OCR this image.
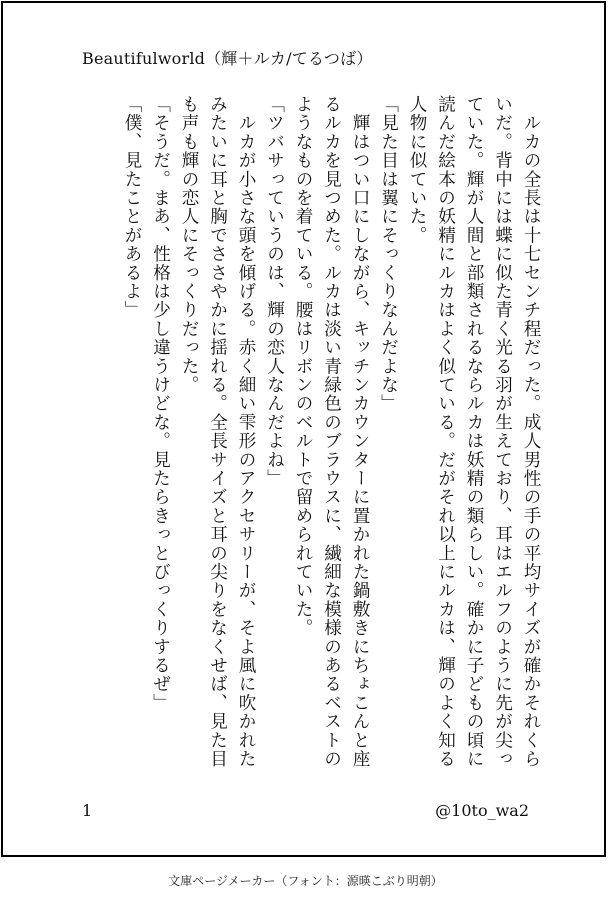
Beautifulworld（輝＋ルカ/てるつば）
　ルカの全長は十七センチ程だった。成人男性の手の平均サイズが確かそれくら
いだ。背中には蝶に似た青く光る羽が生えており、耳はエルフのように先が尖っ
ていた。輝が人間と部類されるならルカは妖精の類らしい。確かに子どもの頃に
読んだ絵本の妖精にルカはよく似ている。だがそれ以上にルカは、輝のよく知る
人物に似ていた。
「見た目は翼にそっくりなんだよな」
　輝はつい口にしながら、キッチンカウンターに置かれた鍋敷きにちょこんと座
るルカを見つめた。ルカは淡い青緑色のブラウスに、繊細な模様のあるベストの
ようなものを着ている。腰はリボンのベルトで留められていた。
「ツバサっていうのは、輝の恋人なんだよね」
　ルカが小さな頭を傾げる。赤く細い雫形のアクセサリーが、そよ風に吹かれた
みたいに耳と胸でささやかに揺れる。全長サイズと耳の尖りをなくせば、見た目
も声も輝の恋人にそっくりだった。
「そうだ。まあ、性格は少し違うけどな。見たらきっとびっくりするぜ」
「僕、見たことがあるよ」
1	@10to_wa2
文庫ページメーカー（フォント：源暎こぶり明朝）
